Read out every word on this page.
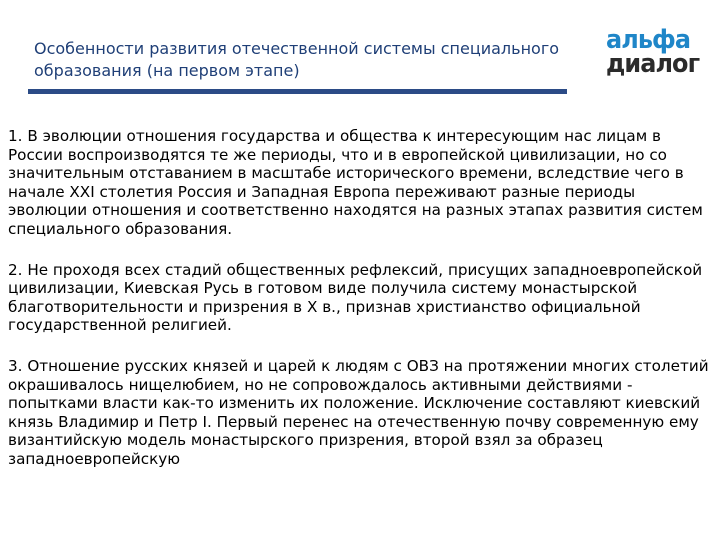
Особенности развития отечественной системы специального
образования (на первом этапе)
альфа
диалог

1. В эволюции отношения государства и общества к интересующим нас лицам в России воспроизводятся те же периоды, что и в европейской цивилизации, но со значительным отставанием в масштабе исторического времени, вследствие чего в начале XXI столетия Россия и Западная Европа переживают разные периоды эволюции отношения и соответственно находятся на разных этапах развития систем специального образования.

2. Не проходя всех стадий общественных рефлексий, присущих западноевропейской цивилизации, Киевская Русь в готовом виде получила систему монастырской благотворительности и призрения в X в., признав христианство официальной государственной религией.

3. Отношение русских князей и царей к людям с ОВЗ на протяжении многих столетий окрашивалось нищелюбием, но не сопровождалось активными действиями - попытками власти как-то изменить их положение. Исключение составляют киевский князь Владимир и Петр I. Первый перенес на отечественную почву современную ему византийскую модель монастырского призрения, второй взял за образец западноевропейскую
